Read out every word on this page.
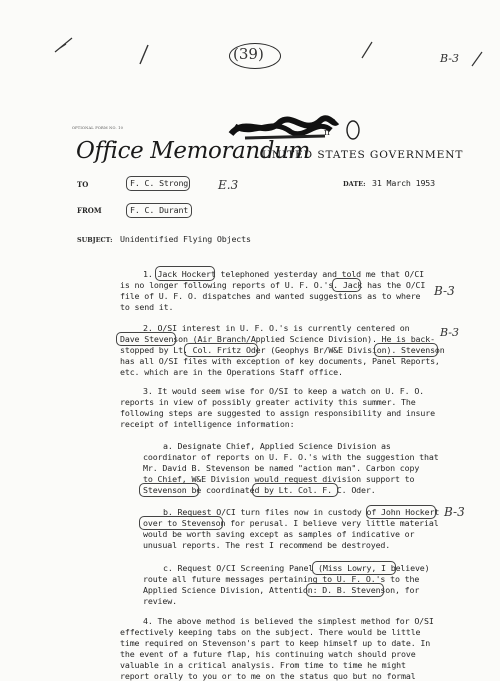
(39)	B-3
OPTIONAL FORM NO. 10	n
Office Memorandum
UNITED STATES GOVERNMENT
TO	F. C. Strong E.3	DATE: 31 March 1953
FROM	F. C. Durant
SUBJECT: Unidentified Flying Objects
1. Jack Hockert telephoned yesterday and told me that O/CI
is no longer following reports of U. F. O.'s. Jack has the O/CI
file of U. F. O. dispatches and wanted suggestions as to where
to send it.
B-3
2. O/SI interest in U. F. O.'s is currently centered on
Dave Stevenson (Air Branch/Applied Science Division). He is back-
stopped by Lt. Col. Fritz Oder (Geophys Br/W&E Division). Stevenson
has all O/SI files with exception of key documents, Panel Reports,
etc. which are in the Operations Staff office.
B-3
3. It would seem wise for O/SI to keep a watch on U. F. O.
reports in view of possibly greater activity this summer. The
following steps are suggested to assign responsibility and insure
receipt of intelligence information:
a. Designate Chief, Applied Science Division as
coordinator of reports on U. F. O.'s with the suggestion that
Mr. David B. Stevenson be named "action man". Carbon copy
to Chief, W&E Division would request division support to
Stevenson be coordinated by Lt. Col. F. C. Oder.
b. Request O/CI turn files now in custody of John Hockert
over to Stevenson for perusal. I believe very little material
would be worth saving except as samples of indicative or
unusual reports. The rest I recommend be destroyed.
B-3
c. Request O/CI Screening Panel (Miss Lowry, I believe)
route all future messages pertaining to U. F. O.'s to the
Applied Science Division, Attention: D. B. Stevenson, for
review.
4. The above method is believed the simplest method for O/SI
effectively keeping tabs on the subject. There would be little
time required on Stevenson's part to keep himself up to date. In
the event of a future flap, his continuing watch should prove
valuable in a critical analysis. From time to time he might
report orally to you or to me on the status quo but no formal
